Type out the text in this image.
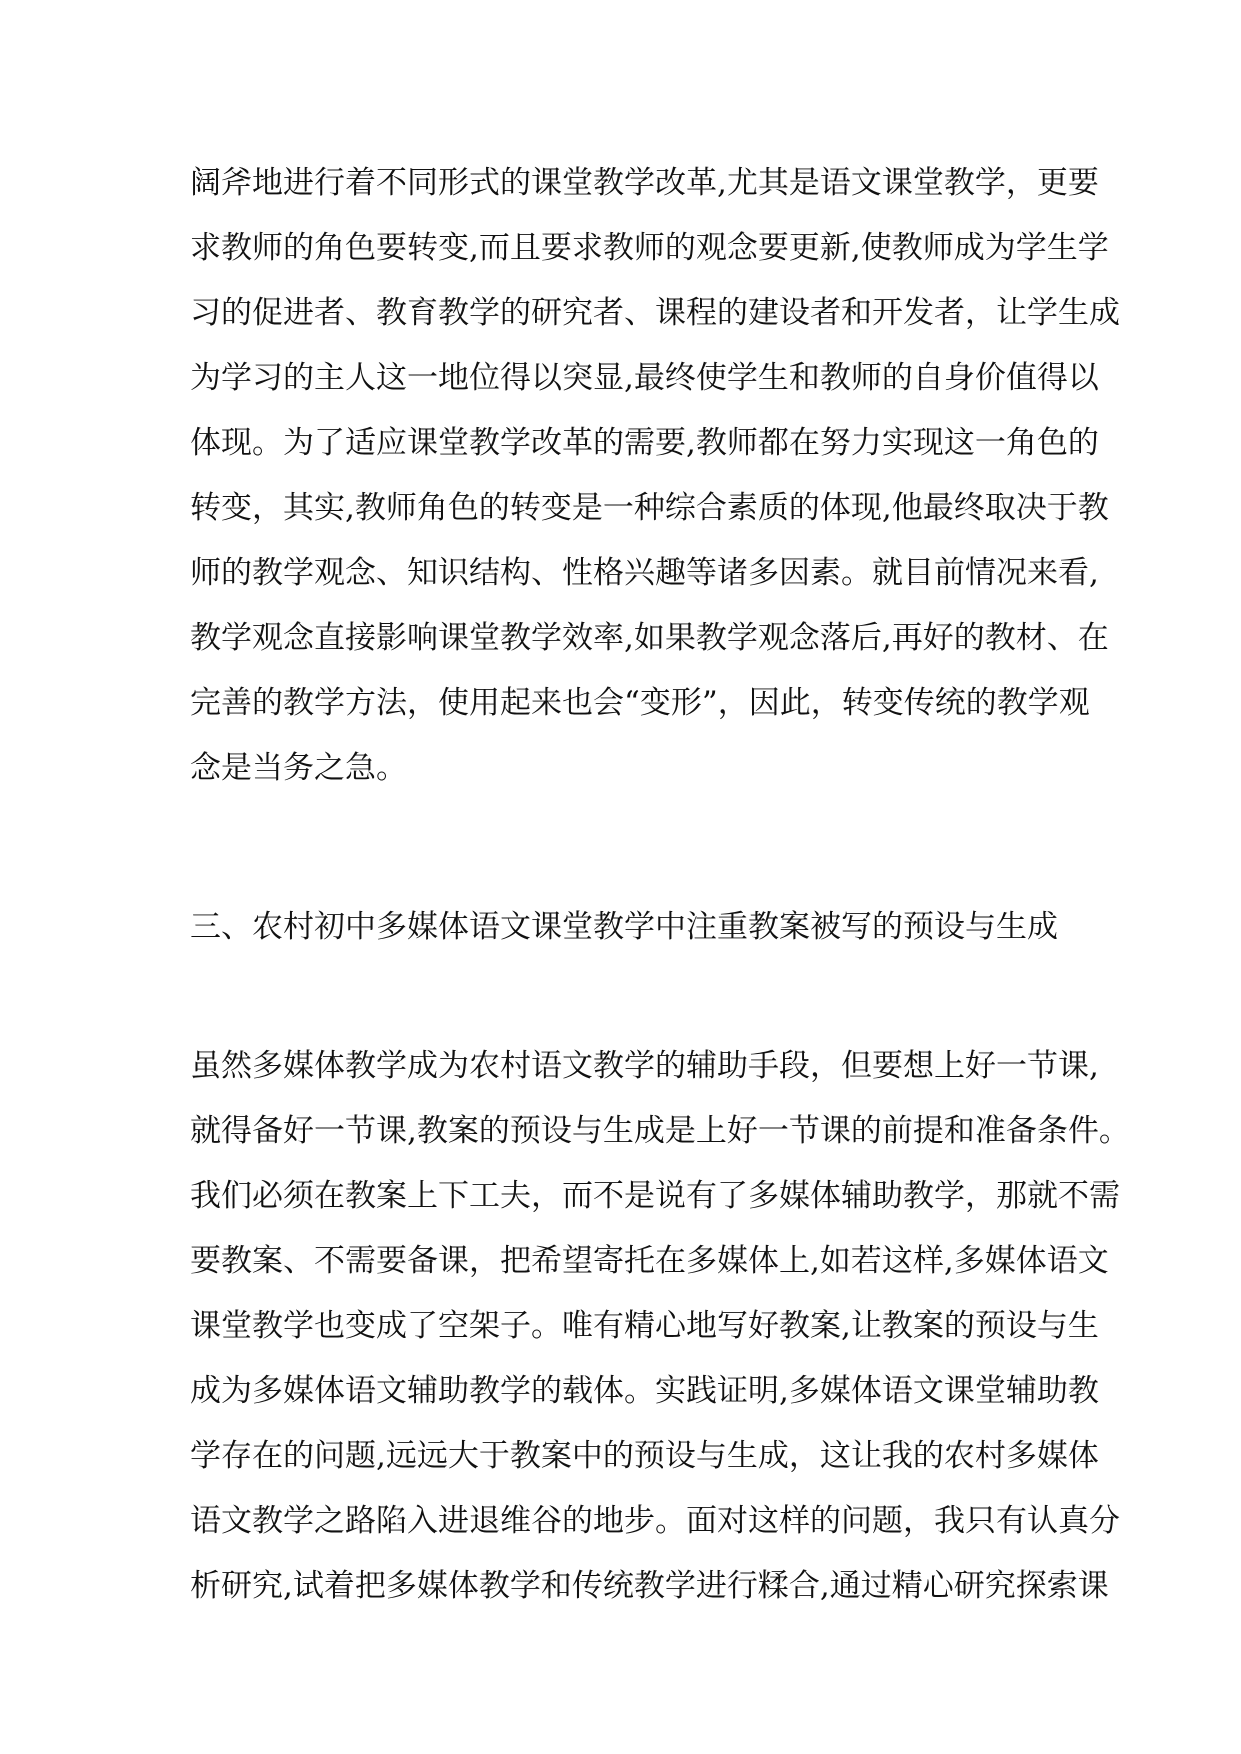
阔斧地进行着不同形式的课堂教学改革,尤其是语文课堂教学，更要
求教师的角色要转变,而且要求教师的观念要更新,使教师成为学生学
习的促进者、教育教学的研究者、课程的建设者和开发者，让学生成
为学习的主人这一地位得以突显,最终使学生和教师的自身价值得以
体现。为了适应课堂教学改革的需要,教师都在努力实现这一角色的
转变，其实,教师角色的转变是一种综合素质的体现,他最终取决于教
师的教学观念、知识结构、性格兴趣等诸多因素。就目前情况来看,
教学观念直接影响课堂教学效率,如果教学观念落后,再好的教材、在
完善的教学方法，使用起来也会“变形”，因此，转变传统的教学观
念是当务之急。
三、农村初中多媒体语文课堂教学中注重教案被写的预设与生成
虽然多媒体教学成为农村语文教学的辅助手段，但要想上好一节课,
就得备好一节课,教案的预设与生成是上好一节课的前提和准备条件。
我们必须在教案上下工夫，而不是说有了多媒体辅助教学，那就不需
要教案、不需要备课，把希望寄托在多媒体上,如若这样,多媒体语文
课堂教学也变成了空架子。唯有精心地写好教案,让教案的预设与生
成为多媒体语文辅助教学的载体。实践证明,多媒体语文课堂辅助教
学存在的问题,远远大于教案中的预设与生成，这让我的农村多媒体
语文教学之路陷入进退维谷的地步。面对这样的问题，我只有认真分
析研究,试着把多媒体教学和传统教学进行糅合,通过精心研究探索课
